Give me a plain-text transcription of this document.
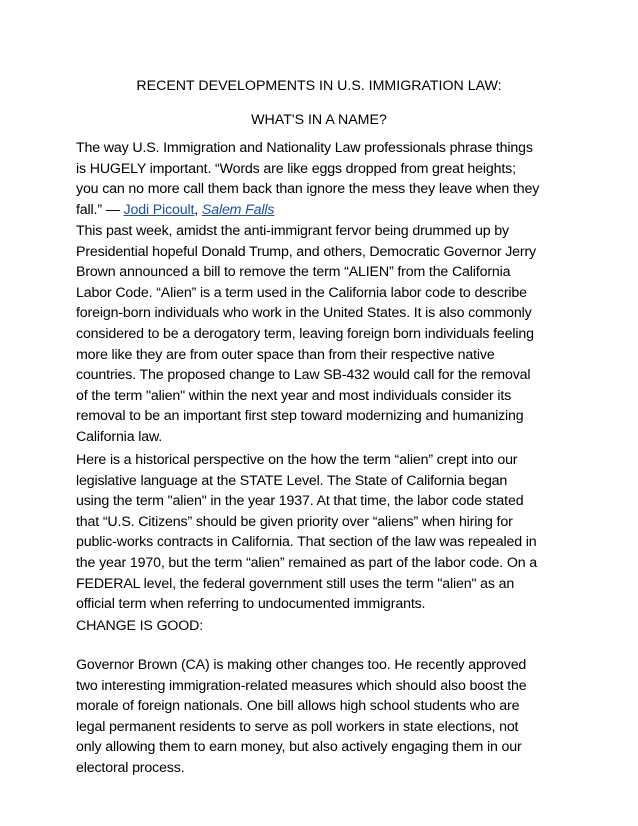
RECENT DEVELOPMENTS IN U.S. IMMIGRATION LAW:
WHAT'S IN A NAME?
The way U.S. Immigration and Nationality Law professionals phrase things
is HUGELY important. “Words are like eggs dropped from great heights;
you can no more call them back than ignore the mess they leave when they
fall.” — Jodi Picoult, Salem Falls
This past week, amidst the anti-immigrant fervor being drummed up by
Presidential hopeful Donald Trump, and others, Democratic Governor Jerry
Brown announced a bill to remove the term “ALIEN” from the California
Labor Code. “Alien” is a term used in the California labor code to describe
foreign-born individuals who work in the United States. It is also commonly
considered to be a derogatory term, leaving foreign born individuals feeling
more like they are from outer space than from their respective native
countries. The proposed change to Law SB-432 would call for the removal
of the term "alien" within the next year and most individuals consider its
removal to be an important first step toward modernizing and humanizing
California law.
Here is a historical perspective on the how the term “alien” crept into our
legislative language at the STATE Level. The State of California began
using the term "alien" in the year 1937. At that time, the labor code stated
that “U.S. Citizens” should be given priority over “aliens” when hiring for
public-works contracts in California. That section of the law was repealed in
the year 1970, but the term “alien” remained as part of the labor code. On a
FEDERAL level, the federal government still uses the term "alien" as an
official term when referring to undocumented immigrants.
CHANGE IS GOOD:
Governor Brown (CA) is making other changes too. He recently approved
two interesting immigration-related measures which should also boost the
morale of foreign nationals. One bill allows high school students who are
legal permanent residents to serve as poll workers in state elections, not
only allowing them to earn money, but also actively engaging them in our
electoral process.
